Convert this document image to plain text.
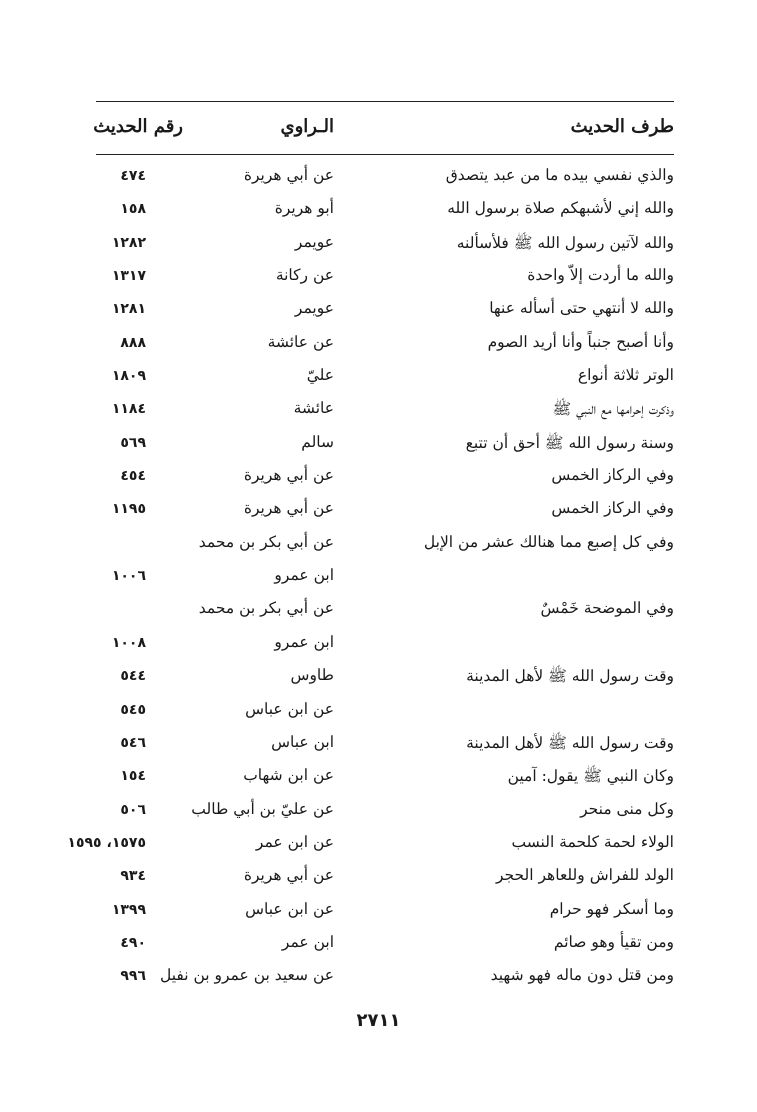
طرف الحديث
الـراوي
رقم الحديث
والذي نفسي بيده ما من عبد يتصدق
عن أبي هريرة
٤٧٤
والله إني لأشبهكم صلاة برسول الله
أبو هريرة
١٥٨
والله لآتين رسول الله ﷺ فلأسألنه
عويمر
١٢٨٢
والله ما أردت إلاّ واحدة
عن ركانة
١٣١٧
والله لا أنتهي حتى أسأله عنها
عويمر
١٢٨١
وأنا أصبح جنباً وأنا أريد الصوم
عن عائشة
٨٨٨
الوتر ثلاثة أنواع
عليّ
١٨٠٩
وذكرت إحرامها مع النبي ﷺ
عائشة
١١٨٤
وسنة رسول الله ﷺ أحق أن تتبع
سالم
٥٦٩
وفي الركاز الخمس
عن أبي هريرة
٤٥٤
وفي الركاز الخمس
عن أبي هريرة
١١٩٥
وفي كل إصبع مما هنالك عشر من الإبل
عن أبي بكر بن محمد
ابن عمرو
١٠٠٦
وفي الموضحة خَمْسٌ
عن أبي بكر بن محمد
ابن عمرو
١٠٠٨
وقت رسول الله ﷺ لأهل المدينة
طاوس
٥٤٤
عن ابن عباس
٥٤٥
وقت رسول الله ﷺ لأهل المدينة
ابن عباس
٥٤٦
وكان النبي ﷺ يقول: آمين
عن ابن شهاب
١٥٤
وكل منى منحر
عن عليّ بن أبي طالب
٥٠٦
الولاء لحمة كلحمة النسب
عن ابن عمر
١٥٧٥، ١٥٩٥
الولد للفراش وللعاهر الحجر
عن أبي هريرة
٩٣٤
وما أسكر فهو حرام
عن ابن عباس
١٣٩٩
ومن تقيأ وهو صائم
ابن عمر
٤٩٠
ومن قتل دون ماله فهو شهيد
عن سعيد بن عمرو بن نفيل
٩٩٦
٢٧١١
